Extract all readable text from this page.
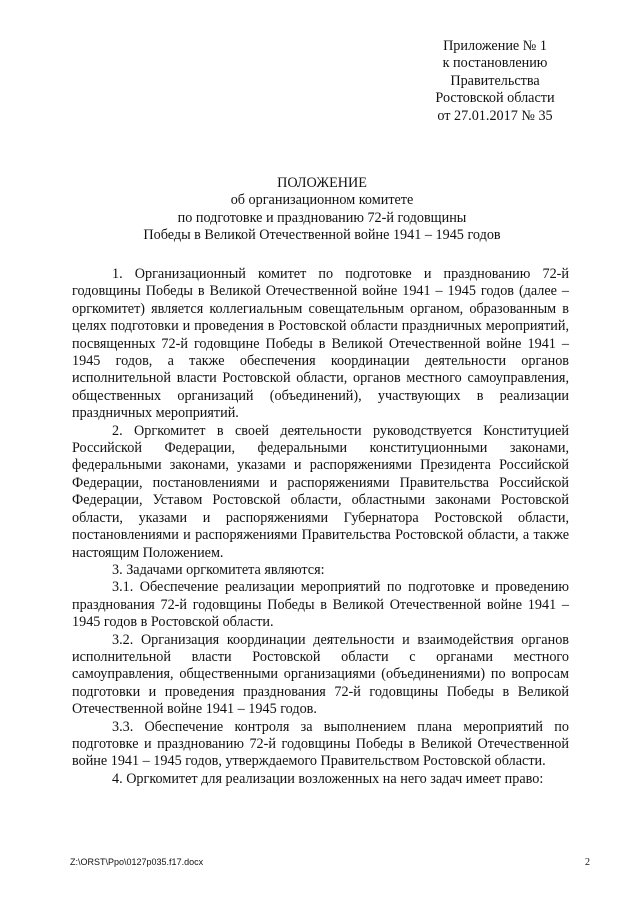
Приложение № 1
к постановлению
Правительства
Ростовской области
от 27.01.2017 № 35
ПОЛОЖЕНИЕ
об организационном комитете
по подготовке и празднованию 72-й годовщины
Победы в Великой Отечественной войне 1941 – 1945 годов

1. Организационный комитет по подготовке и празднованию 72-й годовщины Победы в Великой Отечественной войне 1941 – 1945 годов (далее – оргкомитет) является коллегиальным совещательным органом, образованным в целях подготовки и проведения в Ростовской области праздничных мероприятий, посвященных 72-й годовщине Победы в Великой Отечественной войне 1941 – 1945 годов, а также обеспечения координации деятельности органов исполнительной власти Ростовской области, органов местного самоуправления, общественных организаций (объединений), участвующих в реализации праздничных мероприятий.

2. Оргкомитет в своей деятельности руководствуется Конституцией Российской Федерации, федеральными конституционными законами, федеральными законами, указами и распоряжениями Президента Российской Федерации, постановлениями и распоряжениями Правительства Российской Федерации, Уставом Ростовской области, областными законами Ростовской области, указами и распоряжениями Губернатора Ростовской области, постановлениями и распоряжениями Правительства Ростовской области, а также настоящим Положением.

3. Задачами оргкомитета являются:

3.1. Обеспечение реализации мероприятий по подготовке и проведению празднования 72-й годовщины Победы в Великой Отечественной войне 1941 – 1945 годов в Ростовской области.

3.2. Организация координации деятельности и взаимодействия органов исполнительной власти Ростовской области с органами местного самоуправления, общественными организациями (объединениями) по вопросам подготовки и проведения празднования 72-й годовщины Победы в Великой Отечественной войне 1941 – 1945 годов.

3.3. Обеспечение контроля за выполнением плана мероприятий по подготовке и празднованию 72-й годовщины Победы в Великой Отечественной войне 1941 – 1945 годов, утверждаемого Правительством Ростовской области.

4. Оргкомитет для реализации возложенных на него задач имеет право:

Z:\ORST\Ppo\0127p035.f17.docx	2
